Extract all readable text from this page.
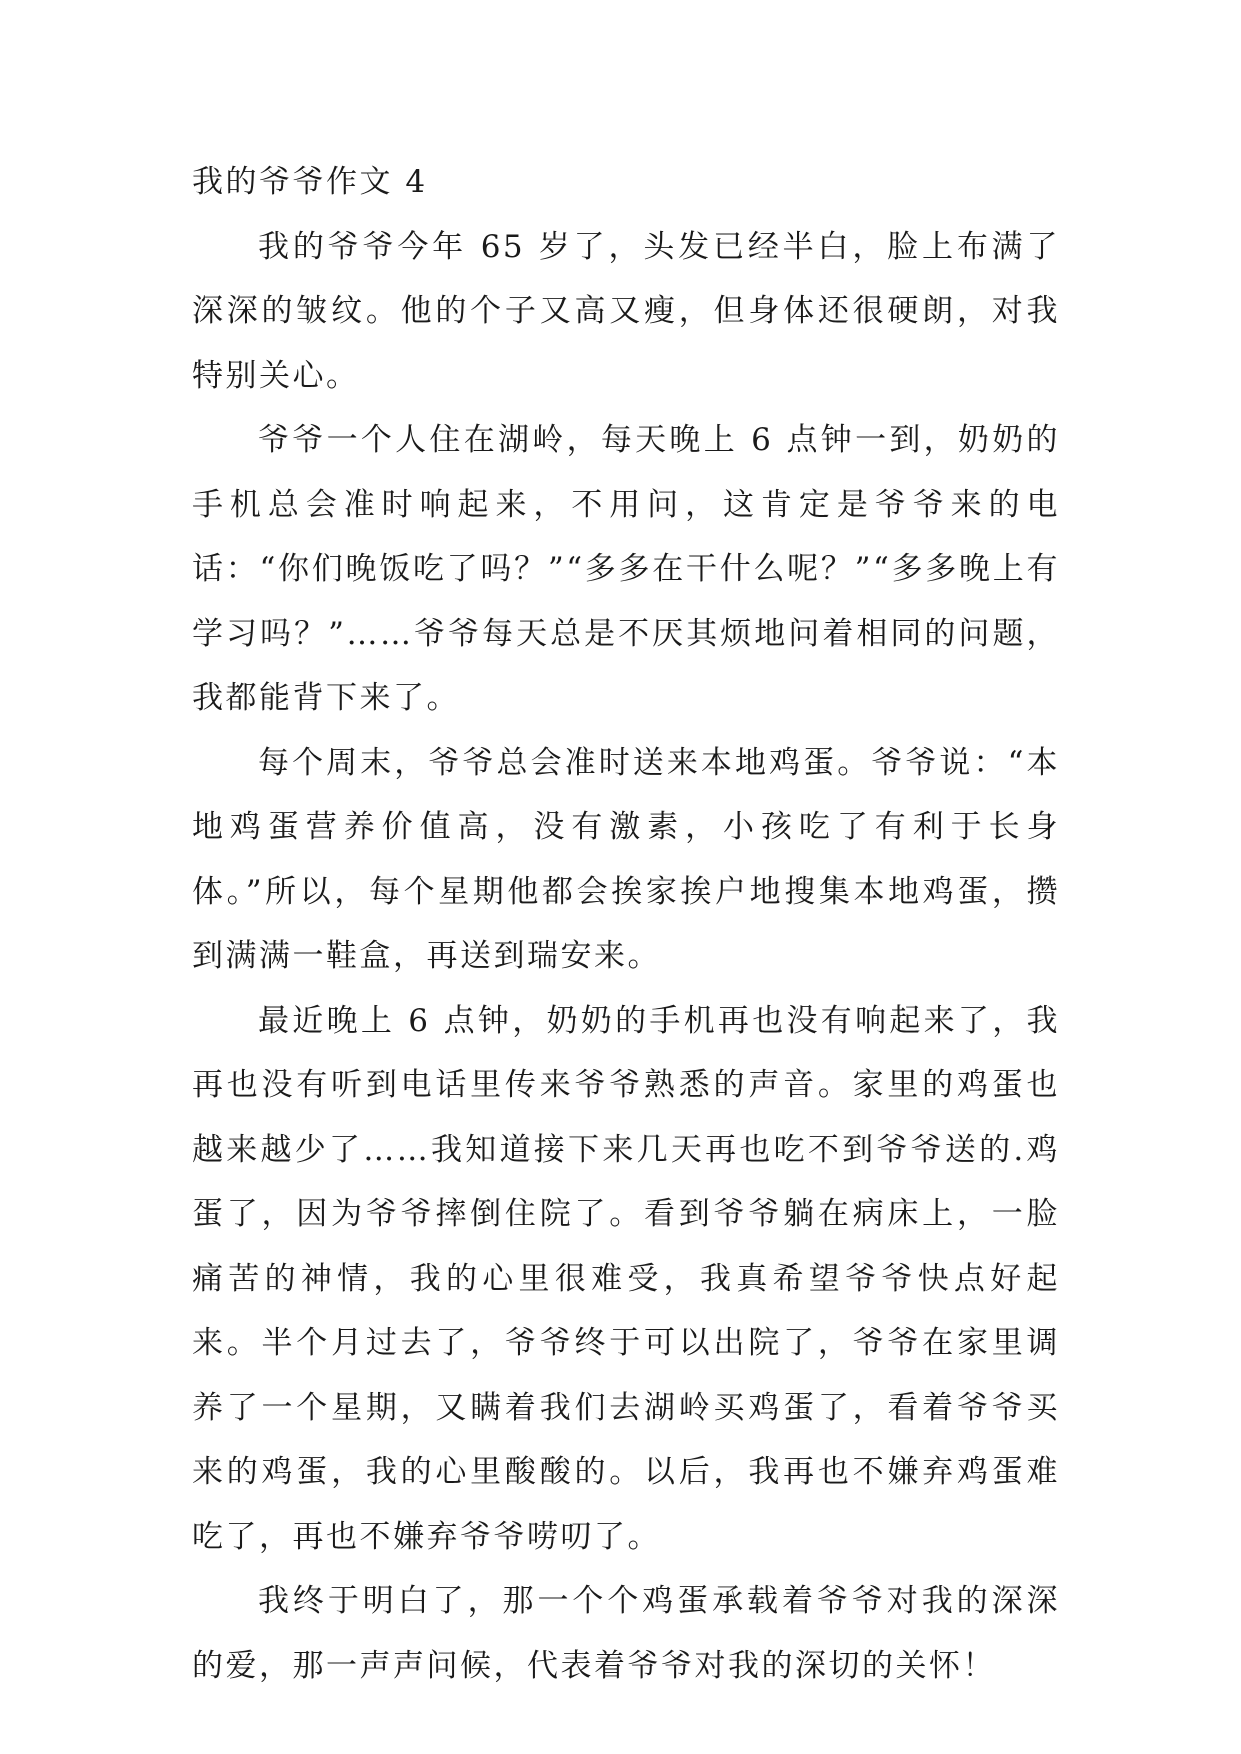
我的爷爷作文 4

我的爷爷今年 65 岁了，头发已经半白，脸上布满了深深的皱纹。他的个子又高又瘦，但身体还很硬朗，对我特别关心。

爷爷一个人住在湖岭，每天晚上 6 点钟一到，奶奶的手机总会准时响起来，不用问，这肯定是爷爷来的电话：“你们晚饭吃了吗？”“多多在干什么呢？”“多多晚上有学习吗？”……爷爷每天总是不厌其烦地问着相同的问题，我都能背下来了。

每个周末，爷爷总会准时送来本地鸡蛋。爷爷说：“本地鸡蛋营养价值高，没有激素，小孩吃了有利于长身体。”所以，每个星期他都会挨家挨户地搜集本地鸡蛋，攒到满满一鞋盒，再送到瑞安来。

最近晚上 6 点钟，奶奶的手机再也没有响起来了，我再也没有听到电话里传来爷爷熟悉的声音。家里的鸡蛋也越来越少了……我知道接下来几天再也吃不到爷爷送的.鸡蛋了，因为爷爷摔倒住院了。看到爷爷躺在病床上，一脸痛苦的神情，我的心里很难受，我真希望爷爷快点好起来。半个月过去了，爷爷终于可以出院了，爷爷在家里调养了一个星期，又瞒着我们去湖岭买鸡蛋了，看着爷爷买来的鸡蛋，我的心里酸酸的。以后，我再也不嫌弃鸡蛋难吃了，再也不嫌弃爷爷唠叨了。

我终于明白了，那一个个鸡蛋承载着爷爷对我的深深的爱，那一声声问候，代表着爷爷对我的深切的关怀！
